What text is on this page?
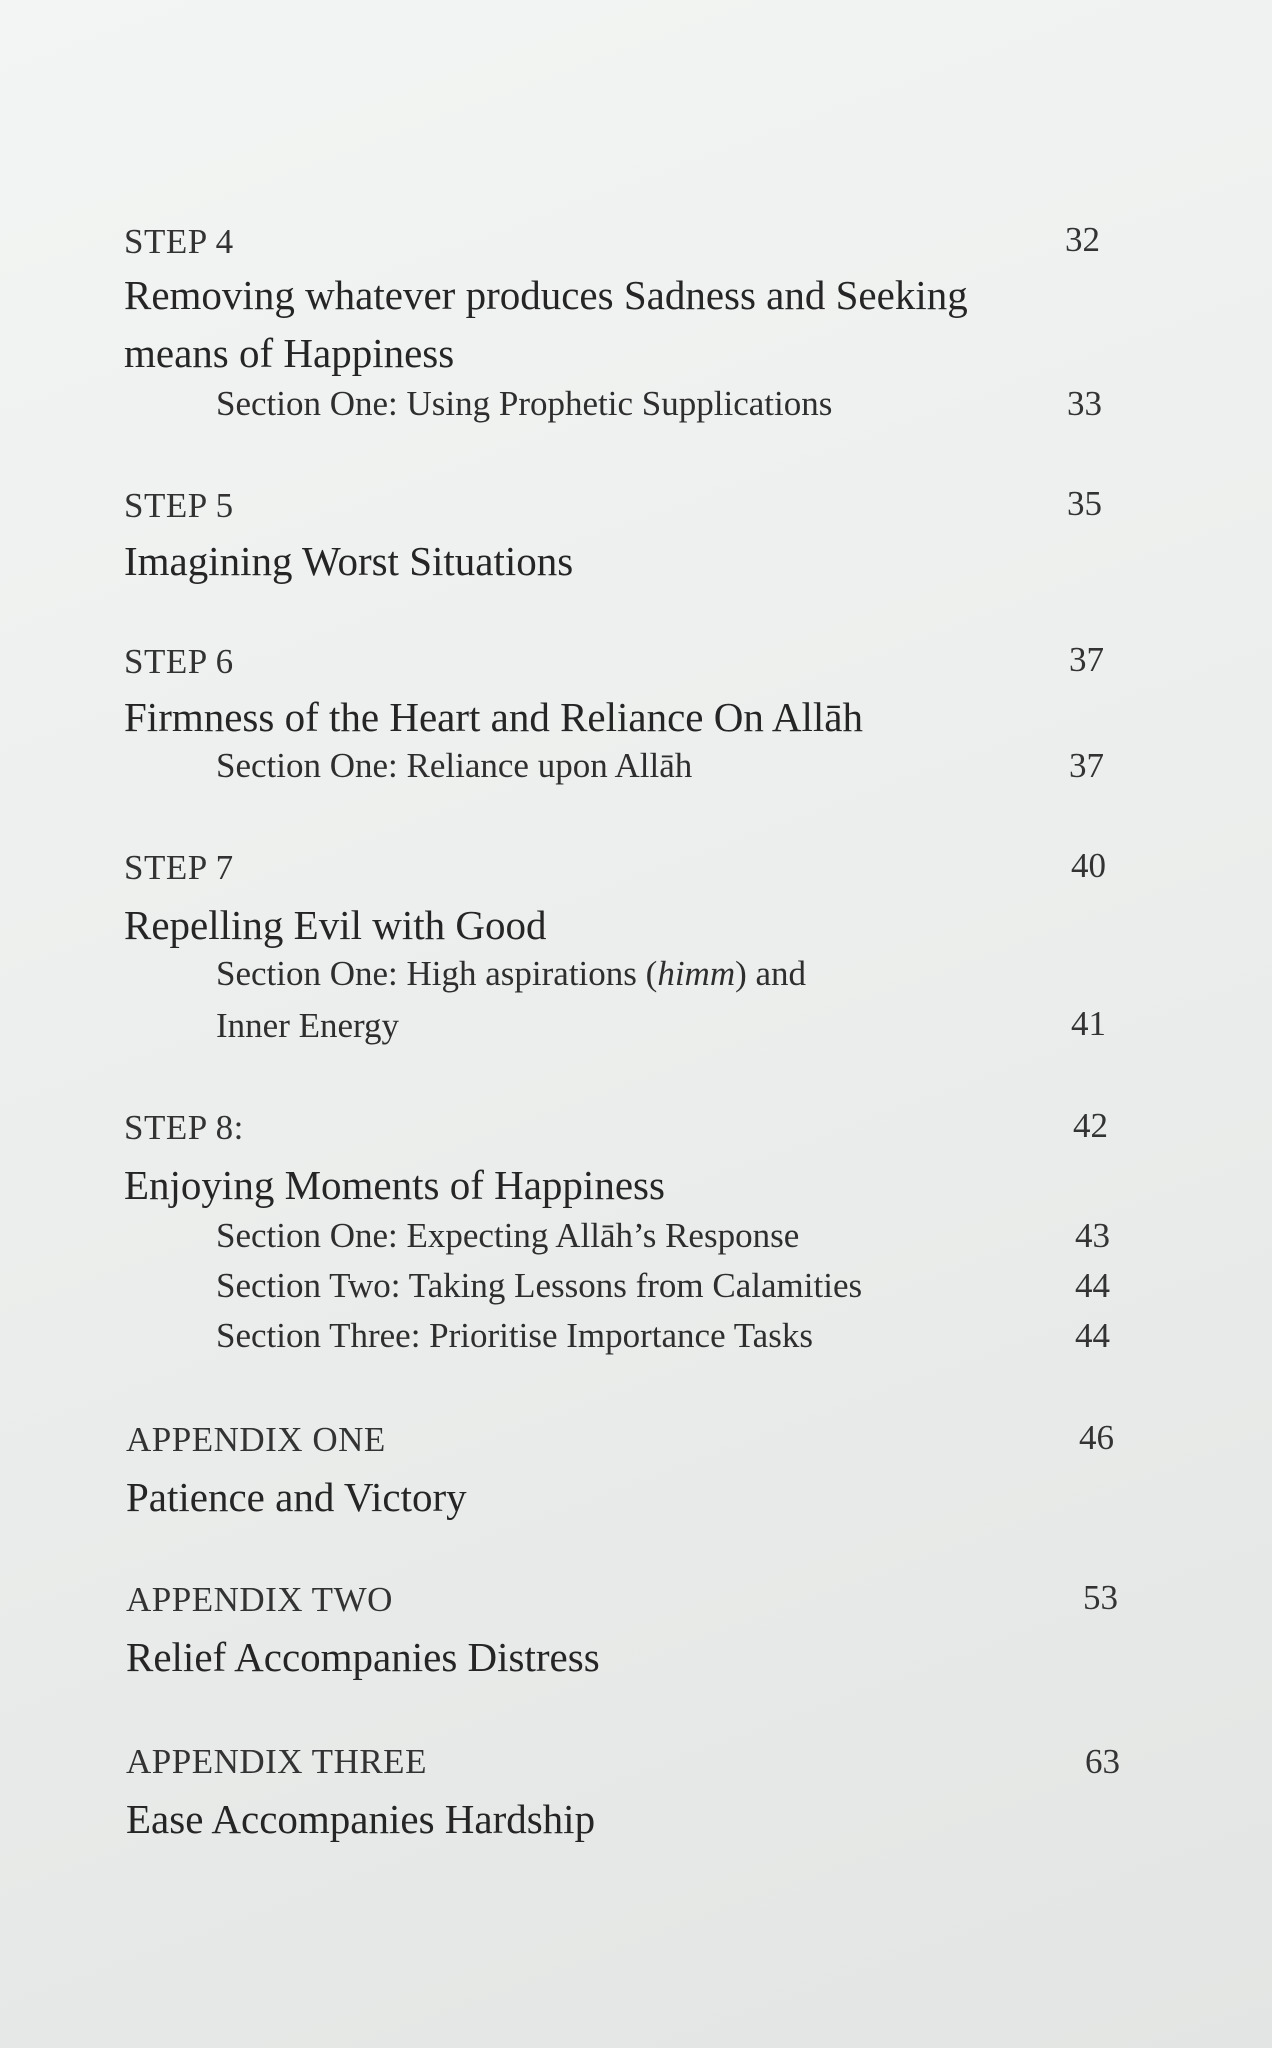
STEP 4	32
Removing whatever produces Sadness and Seeking
means of Happiness
Section One: Using Prophetic Supplications	33
STEP 5	35
Imagining Worst Situations
STEP 6	37
Firmness of the Heart and Reliance On Allāh
Section One: Reliance upon Allāh	37
STEP 7	40
Repelling Evil with Good
Section One: High aspirations (himm) and
Inner Energy	41
STEP 8:	42
Enjoying Moments of Happiness
Section One: Expecting Allāh’s Response	43
Section Two: Taking Lessons from Calamities	44
Section Three: Prioritise Importance Tasks	44
APPENDIX ONE	46
Patience and Victory
APPENDIX TWO	53
Relief Accompanies Distress
APPENDIX THREE	63
Ease Accompanies Hardship
